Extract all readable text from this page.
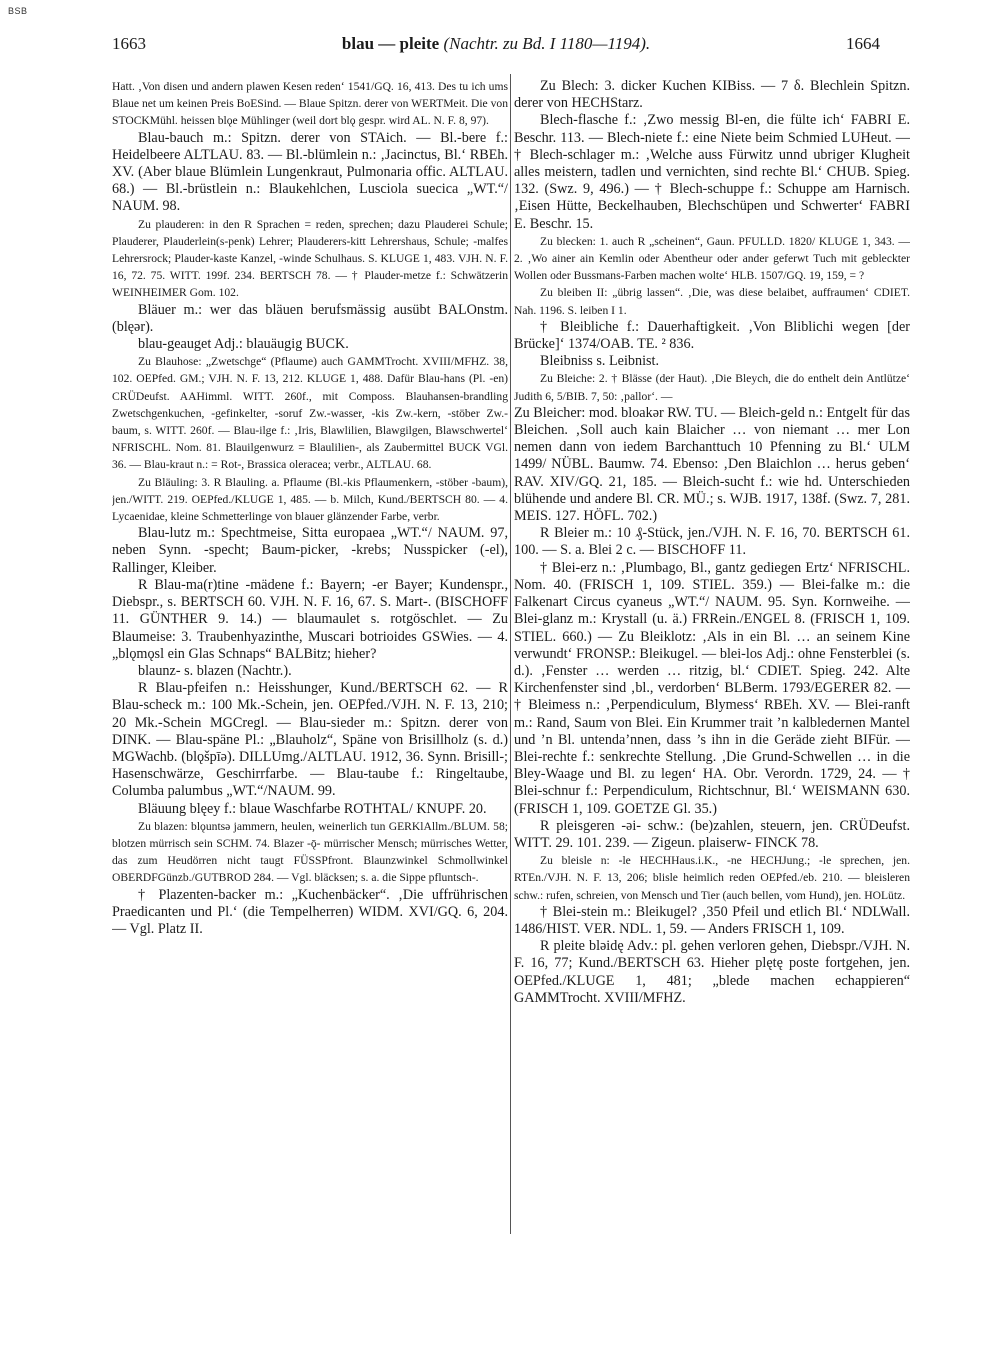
BSB
1663	blau — pleite (Nachtr. zu Bd. I 1180—1194).	1664

Hatt. ‚Von disen und andern plawen Kesen reden‘ 1541/GQ. 16, 413. Des tu ich ums Blaue net um keinen Preis BoESind. — Blaue Spitzn. derer von WERTMeit. Die von STOCKMühl. heissen blǫe Mühlinger (weil dort blǫ gespr. wird AL. N. F. 8, 97).

Blau-bauch m.: Spitzn. derer von STAich. — Bl.-bere f.: Heidelbeere ALTLAU. 83. — Bl.-blümlein n.: ‚Jacinctus, Bl.‘ RBEh. XV. (Aber blaue Blümlein Lungenkraut, Pulmonaria offic. ALTLAU. 68.) — Bl.-brüstlein n.: Blaukehlchen, Lusciola suecica „WT.“/ NAUM. 98.

Zu plauderen: in den R Sprachen = reden, sprechen; dazu Plauderei Schule; Plauderer, Plauderlein(s-penk) Lehrer; Plauderers-kitt Lehrershaus, Schule; -malfes Lehrersrock; Plauder-kaste Kanzel, -winde Schulhaus. S. KLUGE 1, 483. VJH. N. F. 16, 72. 75. WITT. 199f. 234. BERTSCH 78. — † Plauder-metze f.: Schwätzerin WEINHEIMER Gom. 102.

Bläuer m.: wer das bläuen berufsmässig ausübt BALOnstm. (blęər).

blau-geauget Adj.: blauäugig BUCK.

Zu Blauhose: „Zwetschge“ (Pflaume) auch GAMMTrocht. XVIII/MFHZ. 38, 102. OEPfed. GM.; VJH. N. F. 13, 212. KLUGE 1, 488. Dafür Blau-hans (Pl. -en) CRÜDeufst. AAHimml. WITT. 260f., mit Composs. Blauhansen-brandling Zwetschgenkuchen, -gefinkelter, -soruf Zw.-wasser, -kis Zw.-kern, -stöber Zw.-baum, s. WITT. 260f. — Blau-ilge f.: ‚Iris, Blawlilien, Blawgilgen, Blawschwertel‘ NFRISCHL. Nom. 81. Blauilgenwurz = Blaulilien-, als Zaubermittel BUCK VGl. 36. — Blau-kraut n.: = Rot-, Brassica oleracea; verbr., ALTLAU. 68.

Zu Bläuling: 3. R Blauling. a. Pflaume (Bl.-kis Pflaumenkern, -stöber -baum), jen./WITT. 219. OEPfed./KLUGE 1, 485. — b. Milch, Kund./BERTSCH 80. — 4. Lycaenidae, kleine Schmetterlinge von blauer glänzender Farbe, verbr.

Blau-lutz m.: Spechtmeise, Sitta europaea „WT.“/ NAUM. 97, neben Synn. -specht; Baum-picker, -krebs; Nusspicker (-el), Rallinger, Kleiber.

R Blau-ma(r)tine -mädene f.: Bayern; -er Bayer; Kundenspr., Diebspr., s. BERTSCH 60. VJH. N. F. 16, 67. S. Mart-. (BISCHOFF 11. GÜNTHER 9. 14.) — blaumaulet s. rotgöschlet. — Zu Blaumeise: 3. Traubenhyazinthe, Muscari botrioides GSWies. — 4. „blǫmǫsl ein Glas Schnaps“ BALBitz; hieher?

blaunz- s. blazen (Nachtr.).

R Blau-pfeifen n.: Heisshunger, Kund./BERTSCH 62. — R Blau-scheck m.: 100 Mk.-Schein, jen. OEPfed./VJH. N. F. 13, 210; 20 Mk.-Schein MGCregl. — Blau-sieder m.: Spitzn. derer von DINK. — Blau-späne Pl.: „Blauholz“, Späne von Brisillholz (s. d.) MGWachb. (blǫšpīə). DILLUmg./ALTLAU. 1912, 36. Synn. Brisill-; Hasenschwärze, Geschirrfarbe. — Blau-taube f.: Ringeltaube, Columba palumbus „WT.“/NAUM. 99.

Bläuung blęey f.: blaue Waschfarbe ROTHTAL/ KNUPF. 20.

Zu blazen: blǫuntsə jammern, heulen, weinerlich tun GERKlAllm./BLUM. 58; blotzen mürrisch sein SCHM. 74. Blazer -ǭ- mürrischer Mensch; mürrisches Wetter, das zum Heudörren nicht taugt FÜSSPfront. Blaunzwinkel Schmollwinkel OBERDFGünzb./GUTBROD 284. — Vgl. bläcksen; s. a. die Sippe pfluntsch-.

† Plazenten-backer m.: „Kuchenbäcker“. ‚Die uffrührischen Praedicanten und Pl.‘ (die Tempelherren) WIDM. XVI/GQ. 6, 204. — Vgl. Platz II.

Zu Blech: 3. dicker Kuchen KIBiss. — 7 δ. Blechlein Spitzn. derer von HECHStarz.

Blech-flasche f.: ‚Zwo messig Bl-en, die fülte ich‘ FABRI E. Beschr. 113. — Blech-niete f.: eine Niete beim Schmied LUHeut. — † Blech-schlager m.: ‚Welche auss Fürwitz unnd ubriger Klugheit alles meistern, tadlen und vernichten, sind rechte Bl.‘ CHUB. Spieg. 132. (Swz. 9, 496.) — † Blech-schuppe f.: Schuppe am Harnisch. ‚Eisen Hütte, Beckelhauben, Blechschüpen und Schwerter‘ FABRI E. Beschr. 15.

Zu blecken: 1. auch R „scheinen“, Gaun. PFULLD. 1820/ KLUGE 1, 343. — 2. ‚Wo ainer ain Kemlin oder Abentheur oder ander geferwt Tuch mit gebleckter Wollen oder Bussmans-Farben machen wolte‘ HLB. 1507/GQ. 19, 159, = ?

Zu bleiben II: „übrig lassen“. ‚Die, was diese belaibet, auffraumen‘ CDIET. Nah. 1196. S. leiben I 1.

† Bleibliche f.: Dauerhaftigkeit. ‚Von Bliblichi wegen [der Brücke]‘ 1374/OAB. TE. ² 836.

Bleibniss s. Leibnist.

Zu Bleiche: 2. † Blässe (der Haut). ‚Die Bleych, die do enthelt dein Antlütze‘ Judith 6, 5/BIB. 7, 50: ‚pallor‘. —

Zu Bleicher: mod. bloakər RW. TU. — Bleich-geld n.: Entgelt für das Bleichen. ‚Soll auch kain Blaicher … von niemant … mer Lon nemen dann von iedem Barchanttuch 10 Pfenning zu Bl.‘ ULM 1499/ NÜBL. Baumw. 74. Ebenso: ‚Den Blaichlon … herus geben‘ RAV. XIV/GQ. 21, 185. — Bleich-sucht f.: wie hd. Unterschieden blühende und andere Bl. CR. MÜ.; s. WJB. 1917, 138f. (Swz. 7, 281. MEIS. 127. HÖFL. 702.)

R Bleier m.: 10 ₰-Stück, jen./VJH. N. F. 16, 70. BERTSCH 61. 100. — S. a. Blei 2 c. — BISCHOFF 11.

† Blei-erz n.: ‚Plumbago, Bl., gantz gediegen Ertz‘ NFRISCHL. Nom. 40. (FRISCH 1, 109. STIEL. 359.) — Blei-falke m.: die Falkenart Circus cyaneus „WT.“/ NAUM. 95. Syn. Kornweihe. — Blei-glanz m.: Krystall (u. ä.) FRRein./ENGEL 8. (FRISCH 1, 109. STIEL. 660.) — Zu Bleiklotz: ‚Als in ein Bl. … an seinem Kine verwundt‘ FRONSP.: Bleikugel. — blei-los Adj.: ohne Fensterblei (s. d.). ‚Fenster … werden … ritzig, bl.‘ CDIET. Spieg. 242. Alte Kirchenfenster sind ‚bl., verdorben‘ BLBerm. 1793/EGERER 82. — † Bleimess n.: ‚Perpendiculum, Blymess‘ RBEh. XV. — Blei-ranft m.: Rand, Saum von Blei. Ein Krummer trait ’n kalbledernen Mantel und ’n Bl. untenda’nnen, dass ’s ihn in die Geräde zieht BIFür. — Blei-rechte f.: senkrechte Stellung. ‚Die Grund-Schwellen … in die Bley-Waage und Bl. zu legen‘ HA. Obr. Verordn. 1729, 24. — † Blei-schnur f.: Perpendiculum, Richtschnur, Bl.‘ WEISMANN 630. (FRISCH 1, 109. GOETZE Gl. 35.)

R pleisgeren -əi- schw.: (be)zahlen, steuern, jen. CRÜDeufst. WITT. 29. 101. 239. — Zigeun. plaiserw- FINCK 78.

Zu bleisle n: -le HECHHaus.i.K., -ne HECHJung.; -le sprechen, jen. RTEn./VJH. N. F. 13, 206; blisle heimlich reden OEPfed./eb. 210. — bleisleren schw.: rufen, schreien, von Mensch und Tier (auch bellen, vom Hund), jen. HOLütz.

† Blei-stein m.: Bleikugel? ‚350 Pfeil und etlich Bl.‘ NDLWall. 1486/HIST. VER. NDL. 1, 59. — Anders FRISCH 1, 109.

R pleite blǝidę Adv.: pl. gehen verloren gehen, Diebspr./VJH. N. F. 16, 77; Kund./BERTSCH 63. Hieher plętę poste fortgehen, jen. OEPfed./KLUGE 1, 481; „blede machen echappieren“ GAMMTrocht. XVIII/MFHZ.
